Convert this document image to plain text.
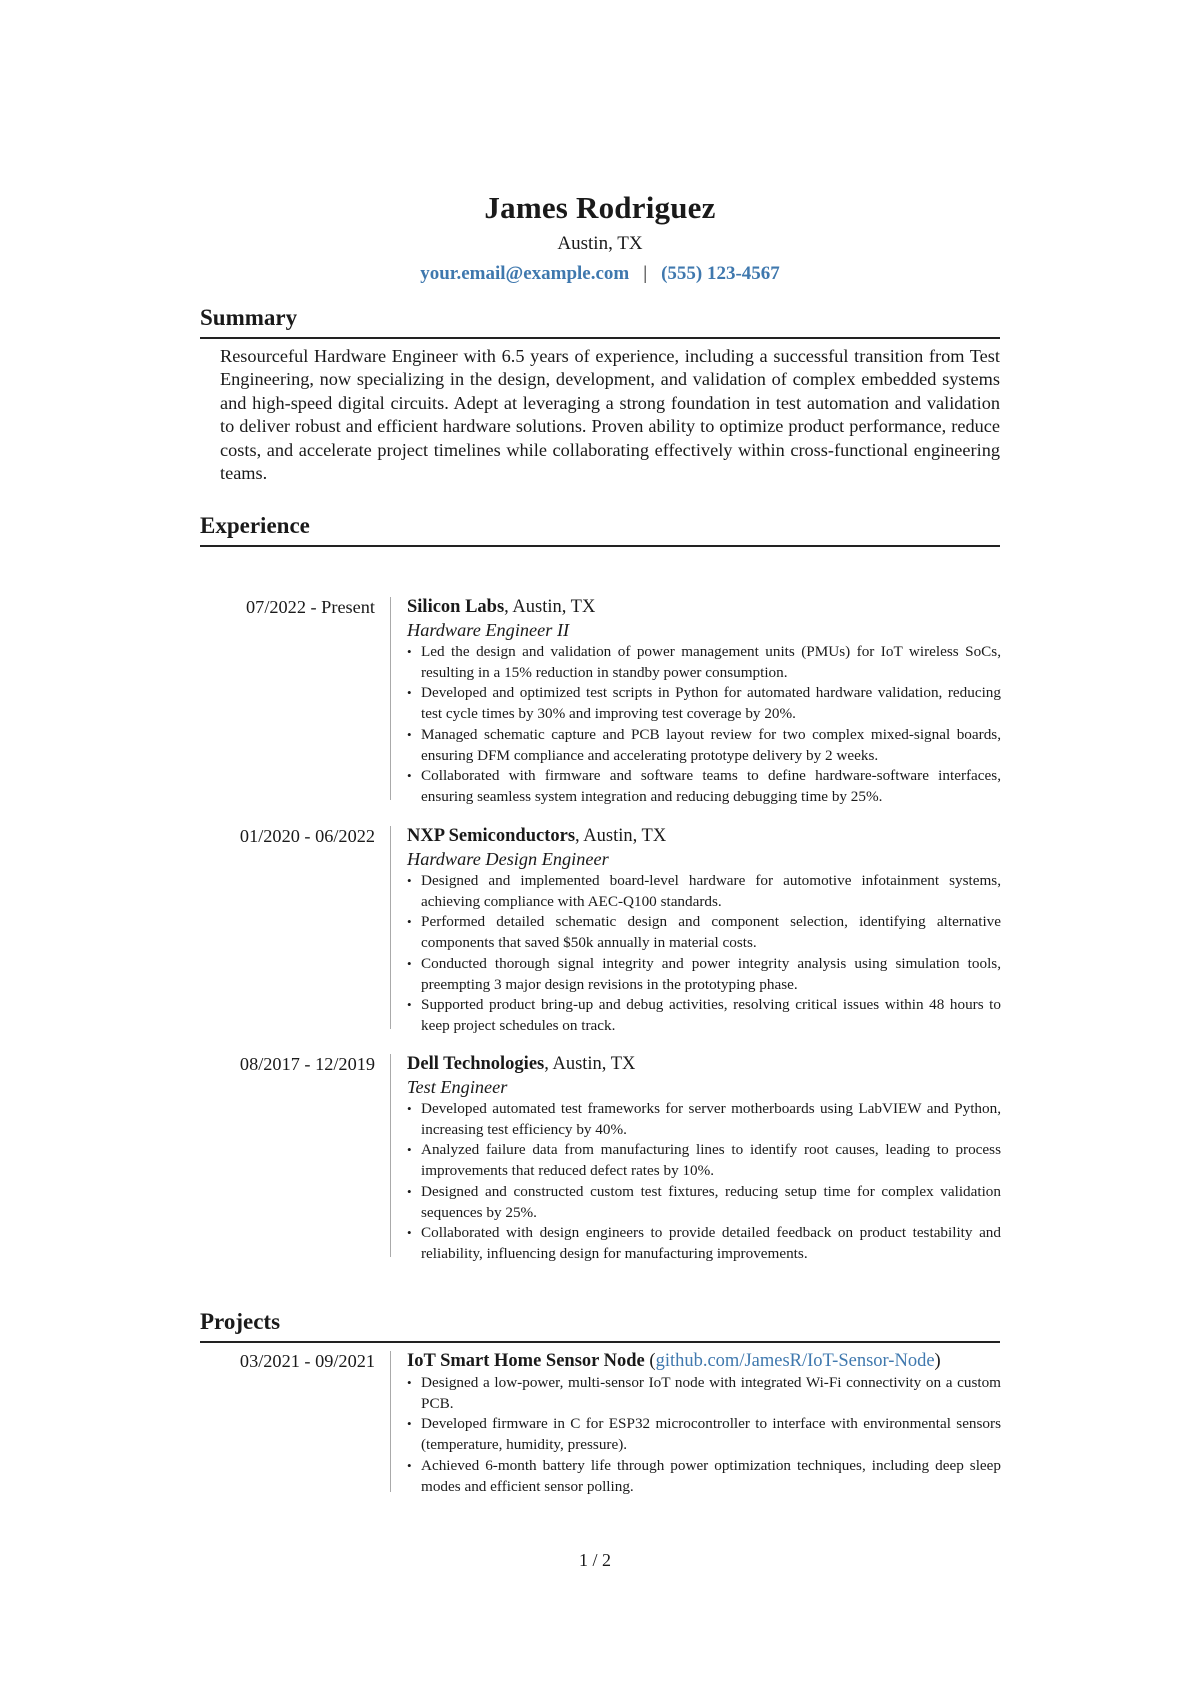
James Rodriguez
Austin, TX
your.email@example.com | (555) 123-4567
Summary
Resourceful Hardware Engineer with 6.5 years of experience, including a successful transition from Test Engineering, now specializing in the design, development, and validation of complex embedded systems and high-speed digital circuits. Adept at leveraging a strong foundation in test automation and validation to deliver robust and efficient hardware solutions. Proven ability to optimize product performance, reduce costs, and accelerate project timelines while collaborating effectively within cross-functional engineering teams.
Experience
07/2022 - Present Silicon Labs, Austin, TX
Hardware Engineer II
• Led the design and validation of power management units (PMUs) for IoT wireless SoCs, resulting in a 15% reduction in standby power consumption.
• Developed and optimized test scripts in Python for automated hardware validation, reducing test cycle times by 30% and improving test coverage by 20%.
• Managed schematic capture and PCB layout review for two complex mixed-signal boards, ensuring DFM compliance and accelerating prototype delivery by 2 weeks.
• Collaborated with firmware and software teams to define hardware-software interfaces, ensuring seamless system integration and reducing debugging time by 25%.
01/2020 - 06/2022 NXP Semiconductors, Austin, TX
Hardware Design Engineer
• Designed and implemented board-level hardware for automotive infotainment systems, achieving compliance with AEC-Q100 standards.
• Performed detailed schematic design and component selection, identifying alternative components that saved $50k annually in material costs.
• Conducted thorough signal integrity and power integrity analysis using simulation tools, preempting 3 major design revisions in the prototyping phase.
• Supported product bring-up and debug activities, resolving critical issues within 48 hours to keep project schedules on track.
08/2017 - 12/2019 Dell Technologies, Austin, TX
Test Engineer
• Developed automated test frameworks for server motherboards using LabVIEW and Python, increasing test efficiency by 40%.
• Analyzed failure data from manufacturing lines to identify root causes, leading to process improvements that reduced defect rates by 10%.
• Designed and constructed custom test fixtures, reducing setup time for complex validation sequences by 25%.
• Collaborated with design engineers to provide detailed feedback on product testability and reliability, influencing design for manufacturing improvements.
Projects
03/2021 - 09/2021 IoT Smart Home Sensor Node (github.com/JamesR/IoT-Sensor-Node)
• Designed a low-power, multi-sensor IoT node with integrated Wi-Fi connectivity on a custom PCB.
• Developed firmware in C for ESP32 microcontroller to interface with environmental sensors (temperature, humidity, pressure).
• Achieved 6-month battery life through power optimization techniques, including deep sleep modes and efficient sensor polling.
1 / 2
